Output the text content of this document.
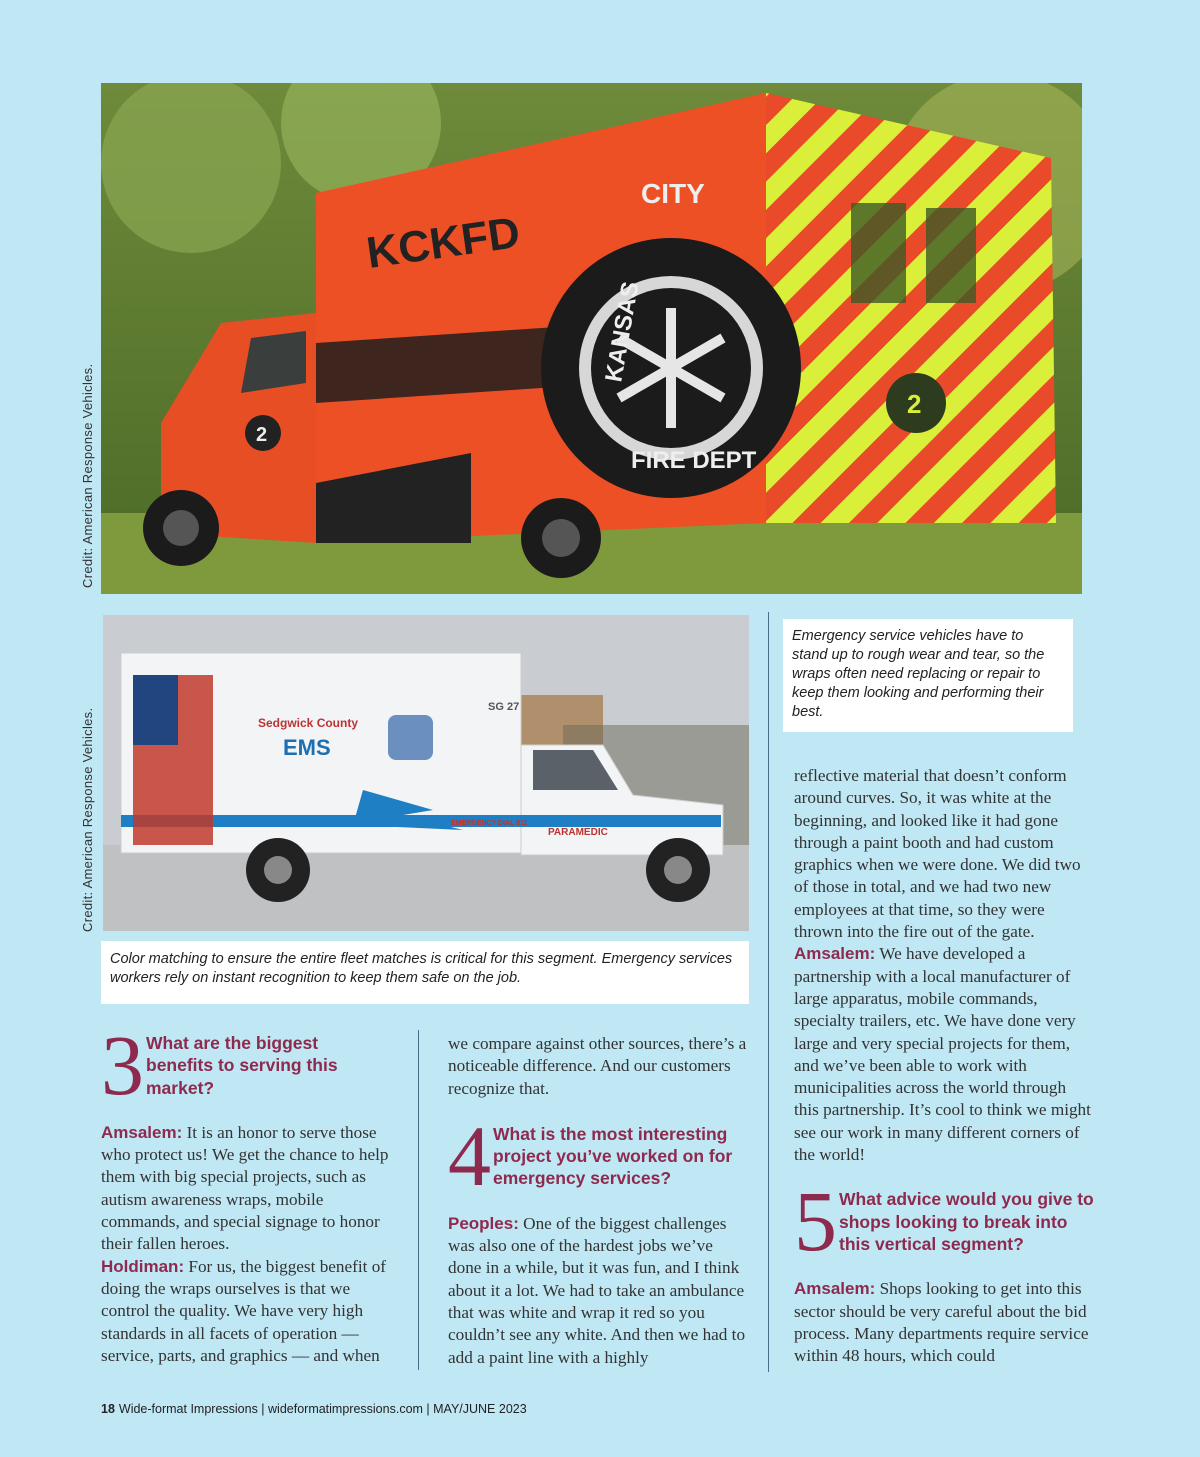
KCKFD
CITY
FIRE DEPT
KANSAS
2
2
Credit: American Response Vehicles.
Sedgwick County
EMS
SG 27
EMERGENCY DIAL 911
PARAMEDIC
Credit: American Response Vehicles.
Emergency service vehicles have to stand up to rough wear and tear, so the wraps often need replacing or repair to keep them looking and performing their best.
Color matching to ensure the entire fleet matches is critical for this segment. Emergency services workers rely on instant recognition to keep them safe on the job.
3 What are the biggest benefits to serving this market?

Amsalem: It is an honor to serve those who protect us! We get the chance to help them with big special projects, such as autism awareness wraps, mobile commands, and special signage to honor their fallen heroes.

Holdiman: For us, the biggest benefit of doing the wraps ourselves is that we control the quality. We have very high standards in all facets of operation — service, parts, and graphics — and when

we compare against other sources, there’s a noticeable difference. And our customers recognize that.

4 What is the most interesting project you’ve worked on for emergency services?

Peoples: One of the biggest challenges was also one of the hardest jobs we’ve done in a while, but it was fun, and I think about it a lot. We had to take an ambulance that was white and wrap it red so you couldn’t see any white. And then we had to add a paint line with a highly

reflective material that doesn’t conform around curves. So, it was white at the beginning, and looked like it had gone through a paint booth and had custom graphics when we were done. We did two of those in total, and we had two new employees at that time, so they were thrown into the fire out of the gate.

Amsalem: We have developed a partnership with a local manufacturer of large apparatus, mobile commands, specialty trailers, etc. We have done very large and very special projects for them, and we’ve been able to work with municipalities across the world through this partnership. It’s cool to think we might see our work in many different corners of the world!

5 What advice would you give to shops looking to break into this vertical segment?

Amsalem: Shops looking to get into this sector should be very careful about the bid process. Many departments require service within 48 hours, which could

18 Wide-format Impressions | wideformatimpressions.com | MAY/JUNE 2023
